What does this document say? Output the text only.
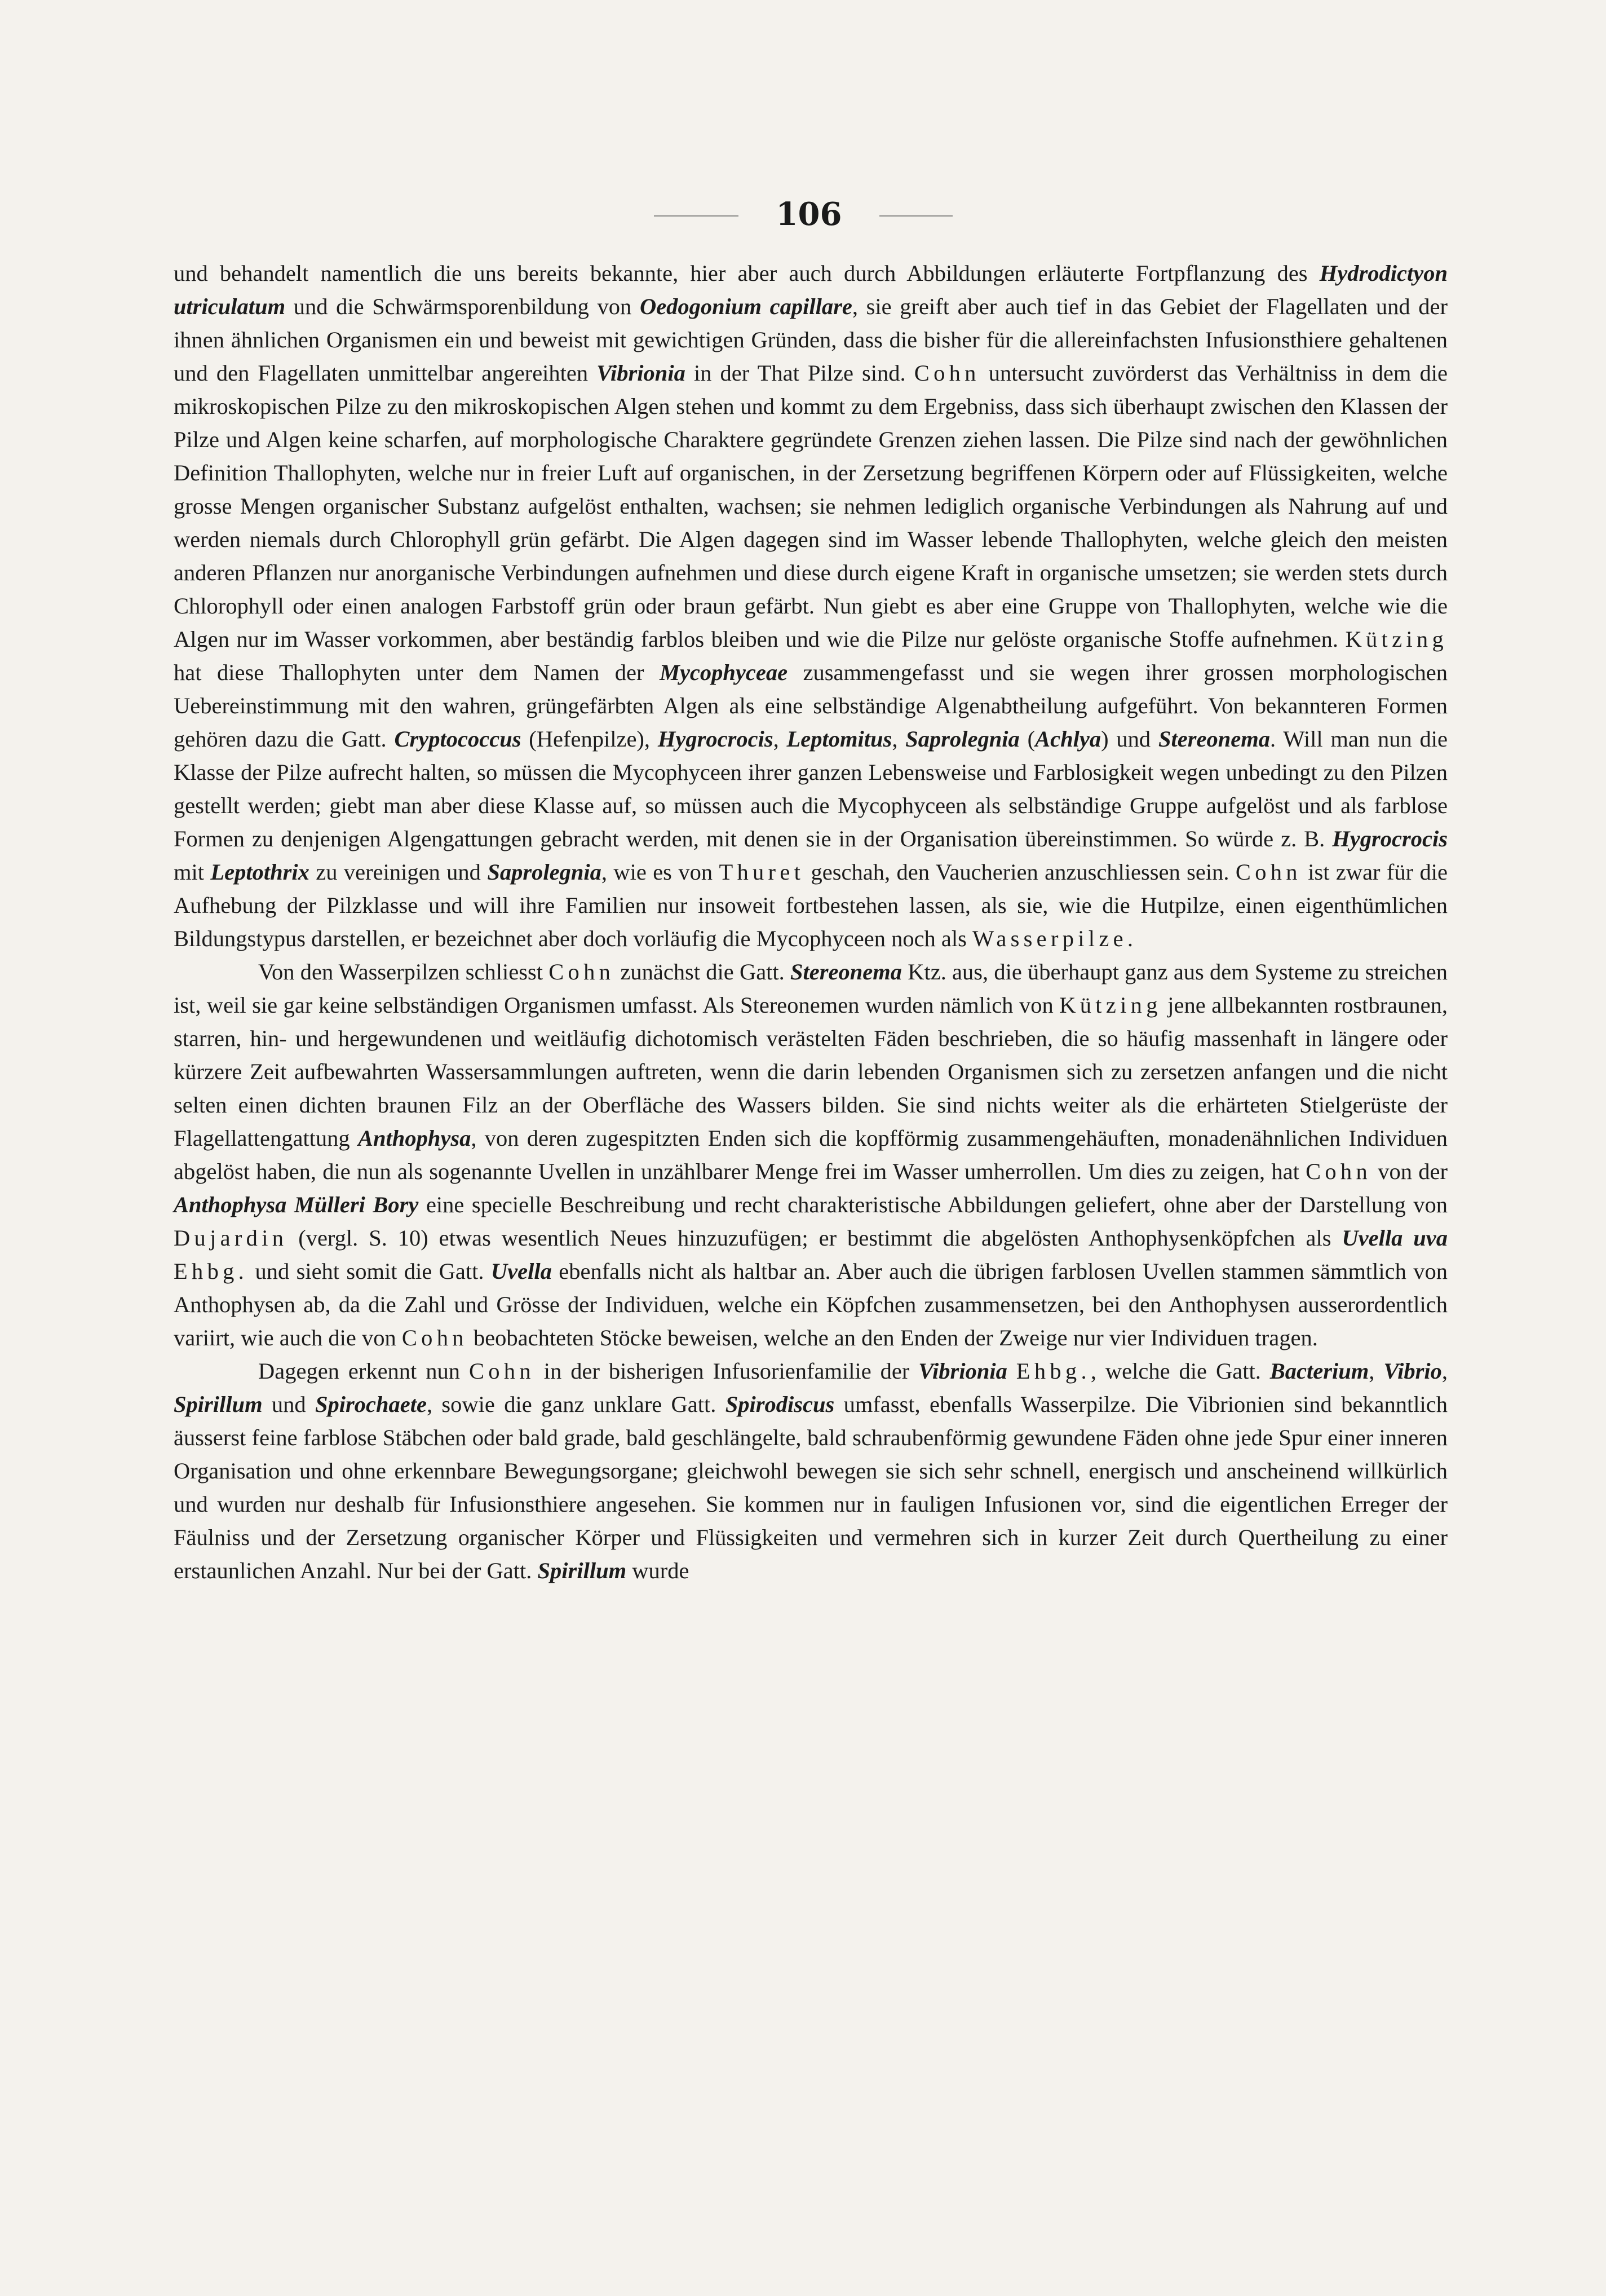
106

und behandelt namentlich die uns bereits bekannte, hier aber auch durch Abbildungen erläuterte Fortpflanzung des Hydrodictyon utriculatum und die Schwärmsporenbildung von Oedogonium capillare, sie greift aber auch tief in das Gebiet der Flagellaten und der ihnen ähnlichen Organismen ein und beweist mit gewichtigen Gründen, dass die bisher für die allereinfachsten Infusionsthiere gehaltenen und den Flagellaten unmittelbar angereihten Vibrionia in der That Pilze sind. Cohn untersucht zuvörderst das Verhältniss in dem die mikroskopischen Pilze zu den mikroskopischen Algen stehen und kommt zu dem Ergebniss, dass sich überhaupt zwischen den Klassen der Pilze und Algen keine scharfen, auf morphologische Charaktere gegründete Grenzen ziehen lassen. Die Pilze sind nach der gewöhnlichen Definition Thallophyten, welche nur in freier Luft auf organischen, in der Zersetzung begriffenen Körpern oder auf Flüssigkeiten, welche grosse Mengen organischer Substanz aufgelöst enthalten, wachsen; sie nehmen lediglich organische Verbindungen als Nahrung auf und werden niemals durch Chlorophyll grün gefärbt. Die Algen dagegen sind im Wasser lebende Thallophyten, welche gleich den meisten anderen Pflanzen nur anorganische Verbindungen aufnehmen und diese durch eigene Kraft in organische umsetzen; sie werden stets durch Chlorophyll oder einen analogen Farbstoff grün oder braun gefärbt. Nun giebt es aber eine Gruppe von Thallophyten, welche wie die Algen nur im Wasser vorkommen, aber beständig farblos bleiben und wie die Pilze nur gelöste organische Stoffe aufnehmen. Kützing hat diese Thallophyten unter dem Namen der Mycophyceae zusammengefasst und sie wegen ihrer grossen morphologischen Uebereinstimmung mit den wahren, grüngefärbten Algen als eine selbständige Algenabtheilung aufgeführt. Von bekannteren Formen gehören dazu die Gatt. Cryptococcus (Hefenpilze), Hygrocrocis, Leptomitus, Saprolegnia (Achlya) und Stereonema. Will man nun die Klasse der Pilze aufrecht halten, so müssen die Mycophyceen ihrer ganzen Lebensweise und Farblosigkeit wegen unbedingt zu den Pilzen gestellt werden; giebt man aber diese Klasse auf, so müssen auch die Mycophyceen als selbständige Gruppe aufgelöst und als farblose Formen zu denjenigen Algengattungen gebracht werden, mit denen sie in der Organisation übereinstimmen. So würde z. B. Hygrocrocis mit Leptothrix zu vereinigen und Saprolegnia, wie es von Thuret geschah, den Vaucherien anzuschliessen sein. Cohn ist zwar für die Aufhebung der Pilzklasse und will ihre Familien nur insoweit fortbestehen lassen, als sie, wie die Hutpilze, einen eigenthümlichen Bildungstypus darstellen, er bezeichnet aber doch vorläufig die Mycophyceen noch als Wasserpilze.

Von den Wasserpilzen schliesst Cohn zunächst die Gatt. Stereonema Ktz. aus, die überhaupt ganz aus dem Systeme zu streichen ist, weil sie gar keine selbständigen Organismen umfasst. Als Stereonemen wurden nämlich von Kützing jene allbekannten rostbraunen, starren, hin- und hergewundenen und weitläufig dichotomisch verästelten Fäden beschrieben, die so häufig massenhaft in längere oder kürzere Zeit aufbewahrten Wassersammlungen auftreten, wenn die darin lebenden Organismen sich zu zersetzen anfangen und die nicht selten einen dichten braunen Filz an der Oberfläche des Wassers bilden. Sie sind nichts weiter als die erhärteten Stielgerüste der Flagellattengattung Anthophysa, von deren zugespitzten Enden sich die kopfförmig zusammengehäuften, monadenähnlichen Individuen abgelöst haben, die nun als sogenannte Uvellen in unzählbarer Menge frei im Wasser umherrollen. Um dies zu zeigen, hat Cohn von der Anthophysa Mülleri Bory eine specielle Beschreibung und recht charakteristische Abbildungen geliefert, ohne aber der Darstellung von Dujardin (vergl. S. 10) etwas wesentlich Neues hinzuzufügen; er bestimmt die abgelösten Anthophysenköpfchen als Uvella uva Ehbg. und sieht somit die Gatt. Uvella ebenfalls nicht als haltbar an. Aber auch die übrigen farblosen Uvellen stammen sämmtlich von Anthophysen ab, da die Zahl und Grösse der Individuen, welche ein Köpfchen zusammensetzen, bei den Anthophysen ausserordentlich variirt, wie auch die von Cohn beobachteten Stöcke beweisen, welche an den Enden der Zweige nur vier Individuen tragen.

Dagegen erkennt nun Cohn in der bisherigen Infusorienfamilie der Vibrionia Ehbg., welche die Gatt. Bacterium, Vibrio, Spirillum und Spirochaete, sowie die ganz unklare Gatt. Spirodiscus umfasst, ebenfalls Wasserpilze. Die Vibrionien sind bekanntlich äusserst feine farblose Stäbchen oder bald grade, bald geschlängelte, bald schraubenförmig gewundene Fäden ohne jede Spur einer inneren Organisation und ohne erkennbare Bewegungsorgane; gleichwohl bewegen sie sich sehr schnell, energisch und anscheinend willkürlich und wurden nur deshalb für Infusionsthiere angesehen. Sie kommen nur in fauligen Infusionen vor, sind die eigentlichen Erreger der Fäulniss und der Zersetzung organischer Körper und Flüssigkeiten und vermehren sich in kurzer Zeit durch Quertheilung zu einer erstaunlichen Anzahl. Nur bei der Gatt. Spirillum wurde
